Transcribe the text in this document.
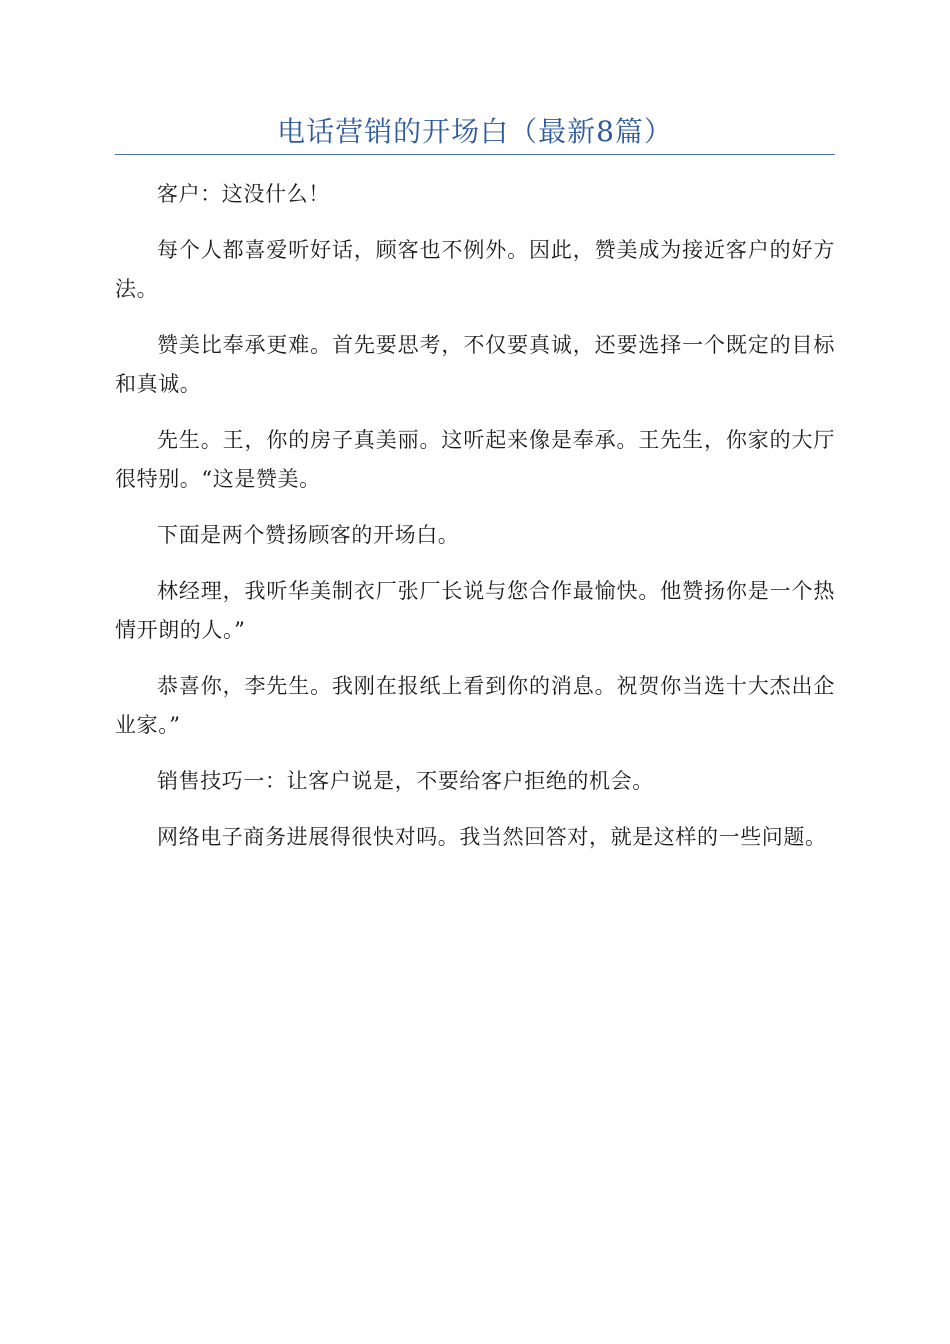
电话营销的开场白（最新8篇）

客户：这没什么！

每个人都喜爱听好话，顾客也不例外。因此，赞美成为接近客户的好方法。

赞美比奉承更难。首先要思考，不仅要真诚，还要选择一个既定的目标和真诚。

先生。王，你的房子真美丽。这听起来像是奉承。王先生，你家的大厅很特别。“这是赞美。

下面是两个赞扬顾客的开场白。

林经理，我听华美制衣厂张厂长说与您合作最愉快。他赞扬你是一个热情开朗的人。”

恭喜你，李先生。我刚在报纸上看到你的消息。祝贺你当选十大杰出企业家。”

销售技巧一：让客户说是，不要给客户拒绝的机会。

网络电子商务进展得很快对吗。我当然回答对，就是这样的一些问题。
